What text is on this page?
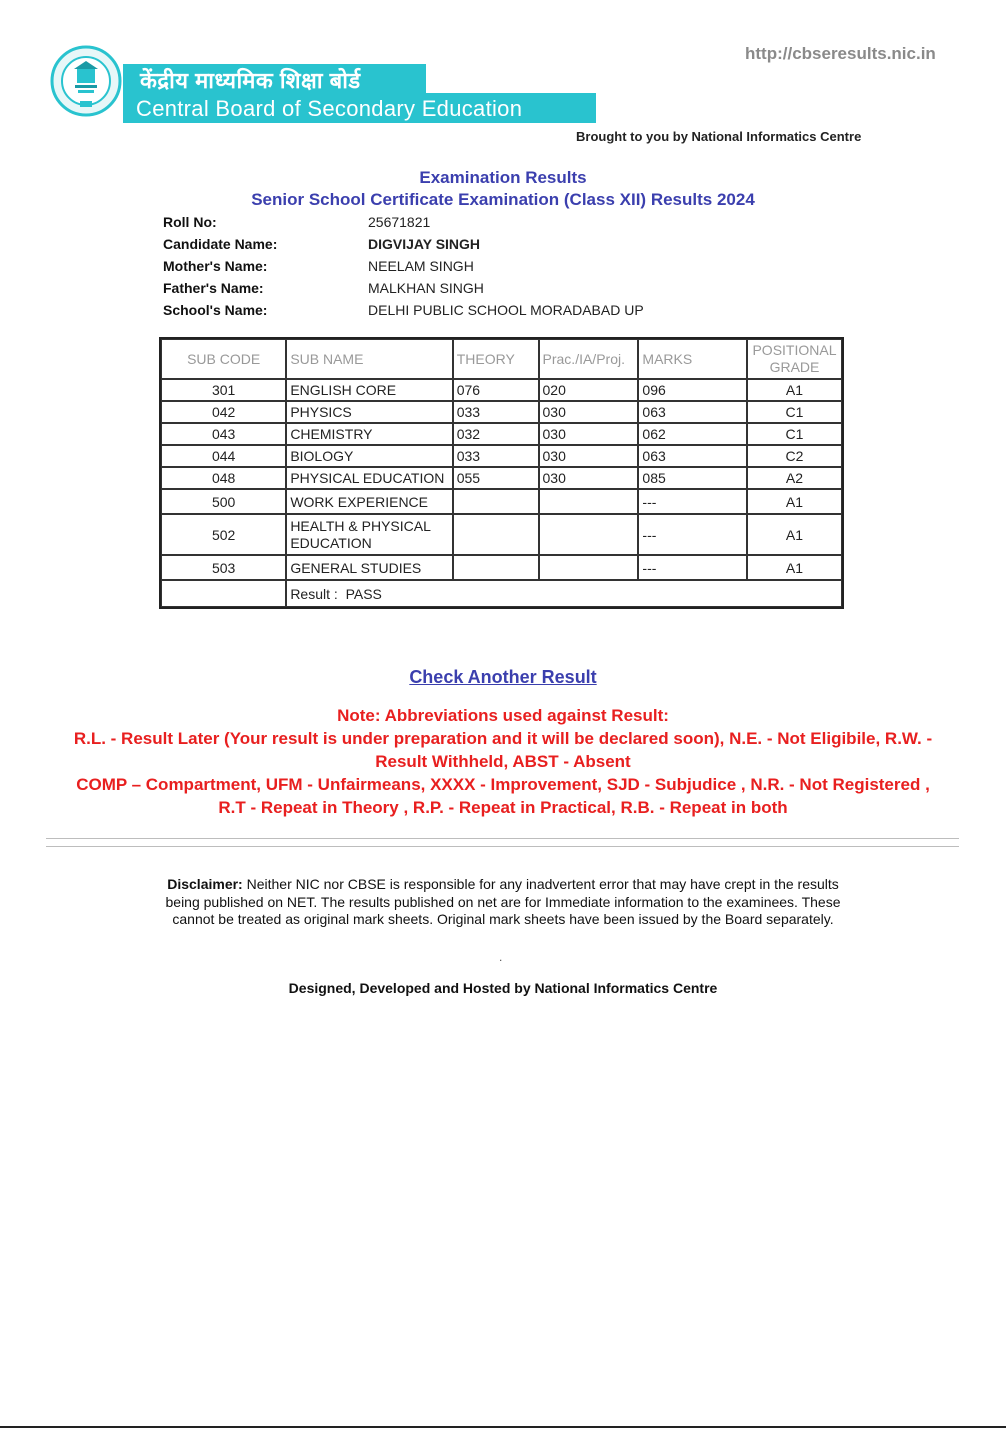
http://cbseresults.nic.in
केंद्रीय माध्यमिक शिक्षा बोर्ड
Central Board of Secondary Education
Brought to you by National Informatics Centre
Examination Results
Senior School Certificate Examination (Class XII) Results 2024
Roll No:	25671821
Candidate Name:	DIGVIJAY SINGH
Mother's Name:	NEELAM SINGH
Father's Name:	MALKHAN SINGH
School's Name:	DELHI PUBLIC SCHOOL MORADABAD UP
SUB CODE	SUB NAME	THEORY	Prac./IA/Proj.	MARKS	POSITIONAL
GRADE
301	ENGLISH CORE	076	020	096	A1
042	PHYSICS	033	030	063	C1
043	CHEMISTRY	032	030	062	C1
044	BIOLOGY	033	030	063	C2
048	PHYSICAL EDUCATION	055	030	085	A2
500	WORK EXPERIENCE			---	A1
502	HEALTH & PHYSICAL EDUCATION			---	A1
503	GENERAL STUDIES			---	A1
	Result : PASS				
Check Another Result
Note: Abbreviations used against Result:
R.L. - Result Later (Your result is under preparation and it will be declared soon), N.E. - Not Eligibile, R.W. -
Result Withheld, ABST - Absent
COMP – Compartment, UFM - Unfairmeans, XXXX - Improvement, SJD - Subjudice , N.R. - Not Registered ,
R.T - Repeat in Theory , R.P. - Repeat in Practical, R.B. - Repeat in both
Disclaimer: Neither NIC nor CBSE is responsible for any inadvertent error that may have crept in the results being published on NET. The results published on net are for Immediate information to the examinees. These cannot be treated as original mark sheets. Original mark sheets have been issued by the Board separately.
.
Designed, Developed and Hosted by National Informatics Centre
